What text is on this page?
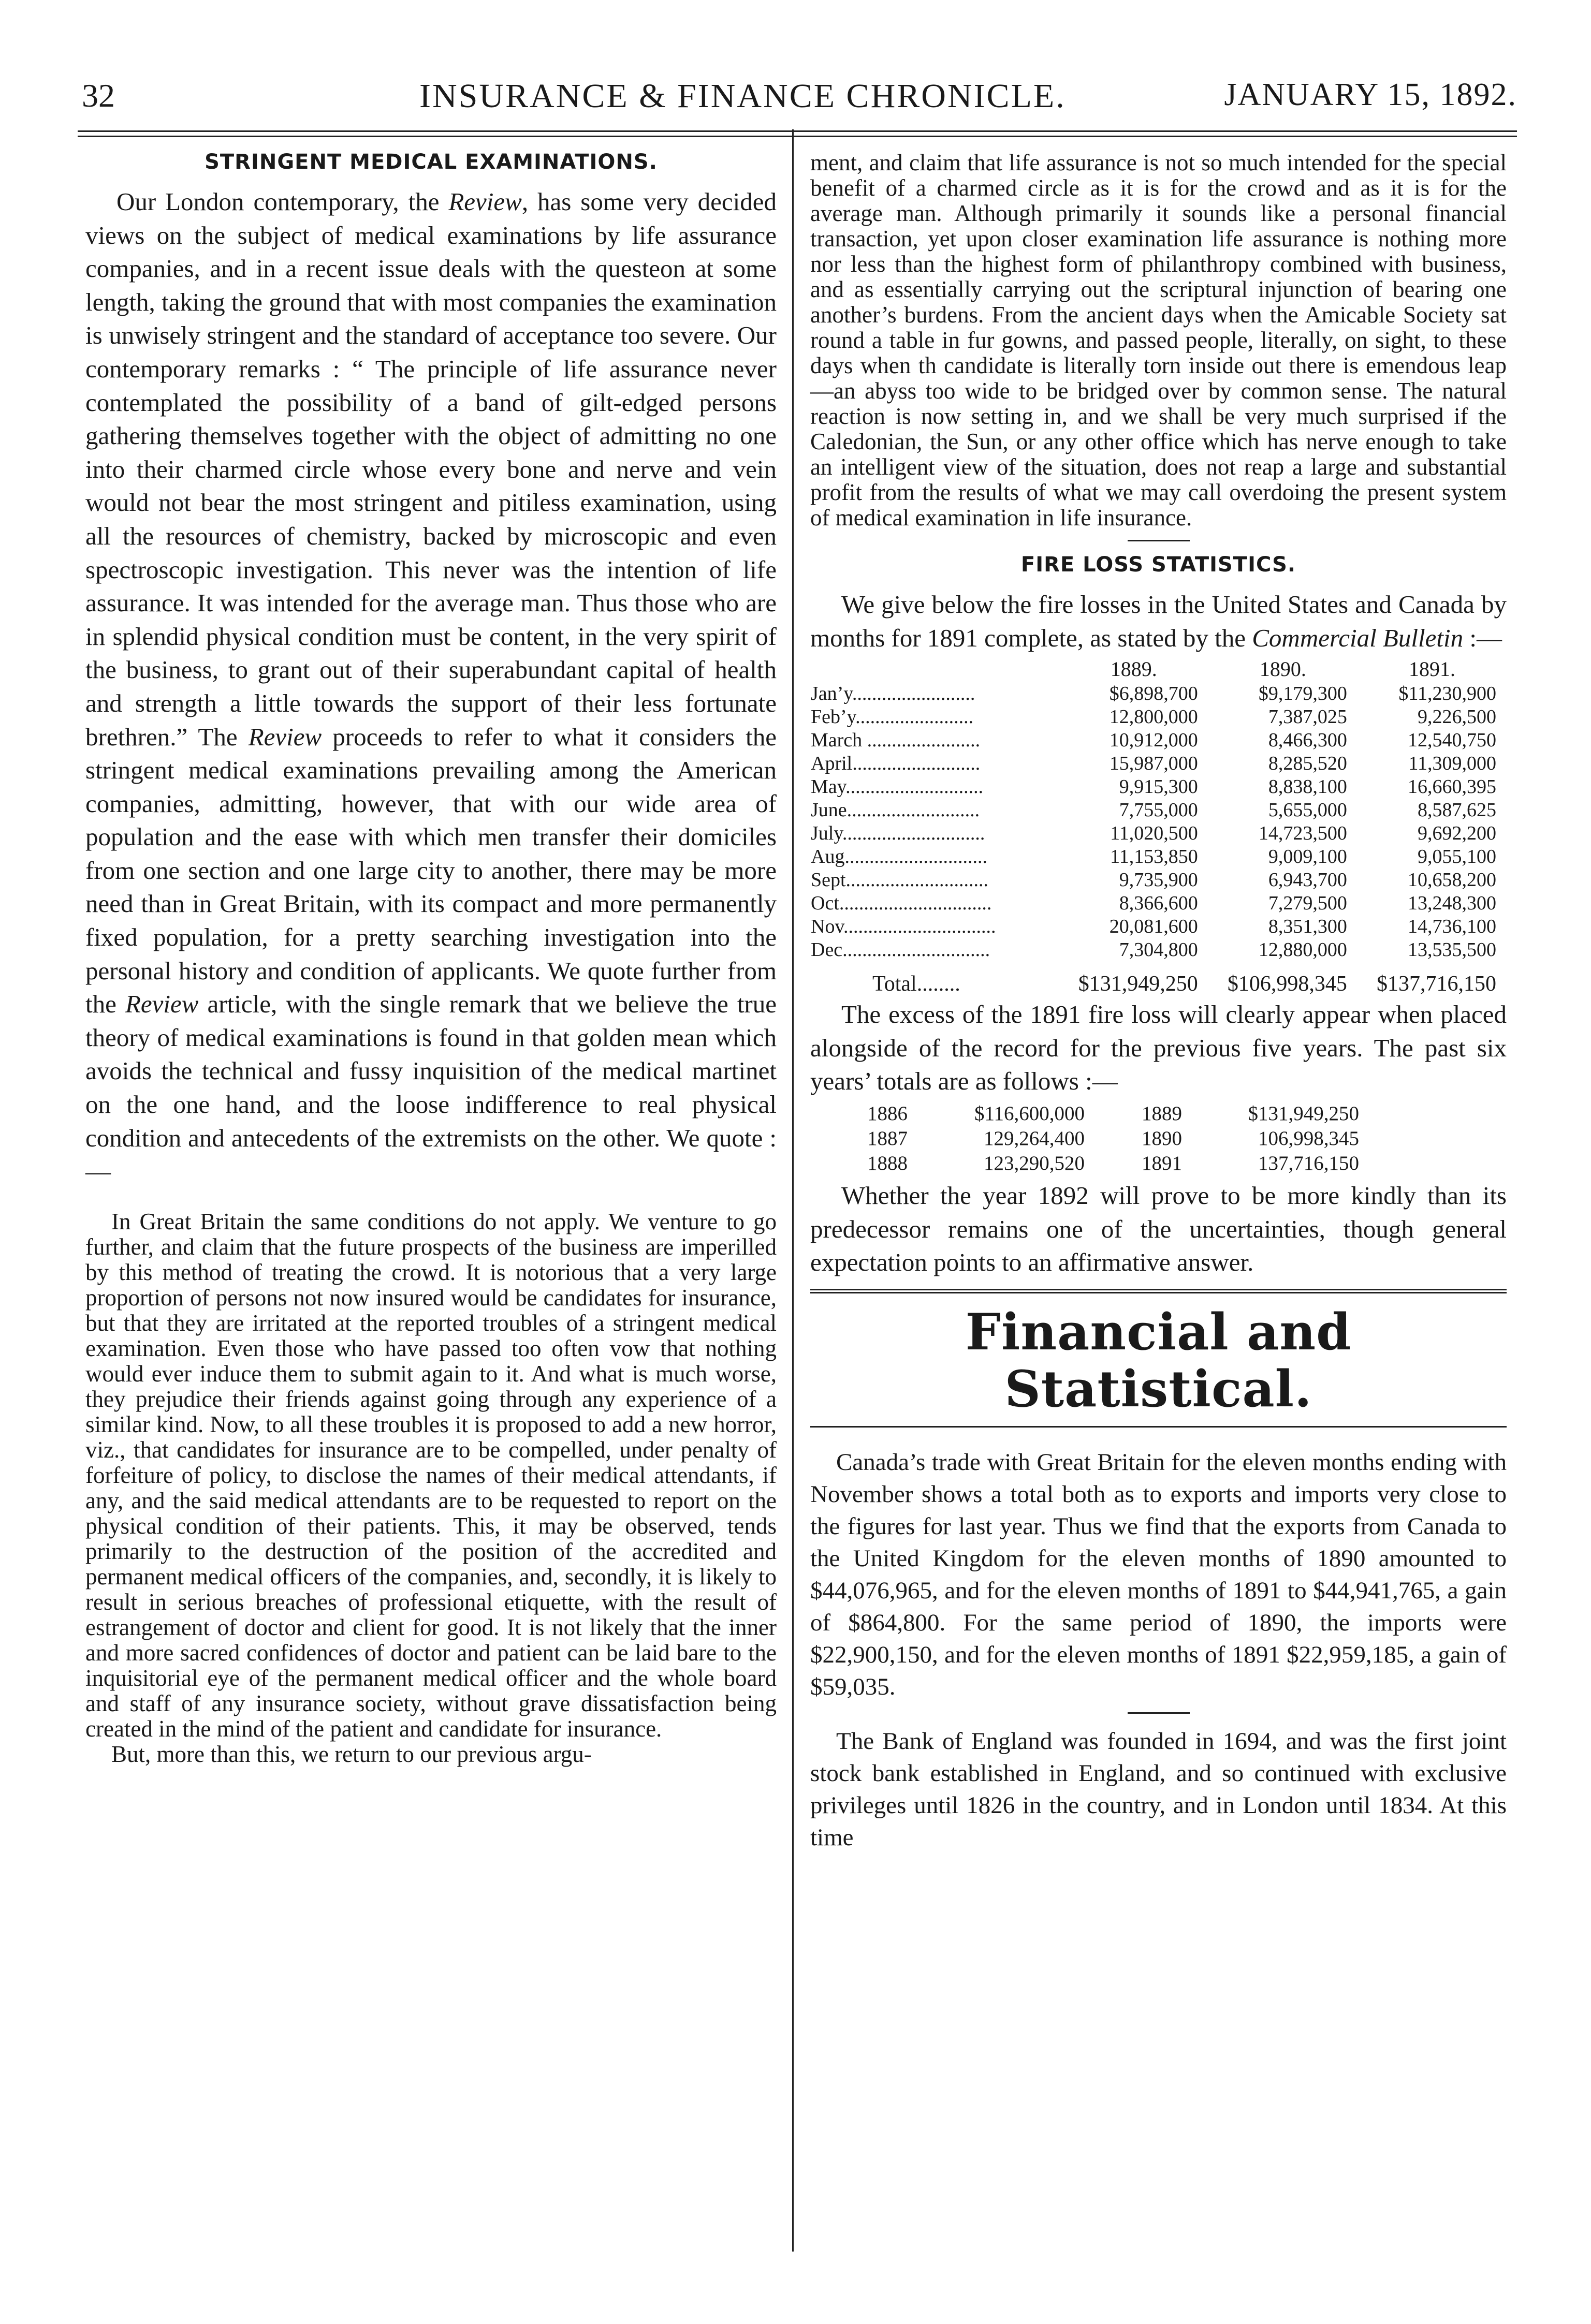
32	INSURANCE & FINANCE CHRONICLE.	JANUARY 15, 1892.
STRINGENT MEDICAL EXAMINATIONS.

Our London contemporary, the Review, has some very decided views on the subject of medical examinations by life assurance companies, and in a recent issue deals with the questeon at some length, taking the ground that with most companies the examination is unwisely stringent and the standard of acceptance too severe. Our contemporary remarks : “ The principle of life assurance never contemplated the possibility of a band of gilt-edged persons gathering themselves together with the object of admitting no one into their charmed circle whose every bone and nerve and vein would not bear the most stringent and pitiless examination, using all the resources of chemistry, backed by microscopic and even spectroscopic investigation. This never was the intention of life assurance. It was intended for the average man. Thus those who are in splendid physical condition must be content, in the very spirit of the business, to grant out of their superabundant capital of health and strength a little towards the support of their less fortunate brethren.” The Review proceeds to refer to what it considers the stringent medical examinations prevailing among the American companies, admitting, however, that with our wide area of population and the ease with which men transfer their domiciles from one section and one large city to another, there may be more need than in Great Britain, with its compact and more permanently fixed population, for a pretty searching investigation into the personal history and condition of applicants. We quote further from the Review article, with the single remark that we believe the true theory of medical examinations is found in that golden mean which avoids the technical and fussy inquisition of the medical martinet on the one hand, and the loose indifference to real physical condition and antecedents of the extremists on the other. We quote :—

In Great Britain the same conditions do not apply. We venture to go further, and claim that the future prospects of the business are imperilled by this method of treating the crowd. It is notorious that a very large proportion of persons not now insured would be candidates for insurance, but that they are irritated at the reported troubles of a stringent medical examination. Even those who have passed too often vow that nothing would ever induce them to submit again to it. And what is much worse, they prejudice their friends against going through any experience of a similar kind. Now, to all these troubles it is proposed to add a new horror, viz., that candidates for insurance are to be compelled, under penalty of forfeiture of policy, to disclose the names of their medical attendants, if any, and the said medical attendants are to be requested to report on the physical condition of their patients. This, it may be observed, tends primarily to the destruction of the position of the accredited and permanent medical officers of the companies, and, secondly, it is likely to result in serious breaches of professional etiquette, with the result of estrangement of doctor and client for good. It is not likely that the inner and more sacred confidences of doctor and patient can be laid bare to the inquisitorial eye of the permanent medical officer and the whole board and staff of any insurance society, without grave dissatisfaction being created in the mind of the patient and candidate for insurance.

But, more than this, we return to our previous argu-

ment, and claim that life assurance is not so much intended for the special benefit of a charmed circle as it is for the crowd and as it is for the average man. Although primarily it sounds like a personal financial transaction, yet upon closer examination life assurance is nothing more nor less than the highest form of philanthropy combined with business, and as essentially carrying out the scriptural injunction of bearing one another’s burdens. From the ancient days when the Amicable Society sat round a table in fur gowns, and passed people, literally, on sight, to these days when th candidate is literally torn inside out there is emendous leap—an abyss too wide to be bridged over by common sense. The natural reaction is now setting in, and we shall be very much surprised if the Caledonian, the Sun, or any other office which has nerve enough to take an intelligent view of the situation, does not reap a large and substantial profit from the results of what we may call overdoing the present system of medical examination in life insurance.

FIRE LOSS STATISTICS.

We give below the fire losses in the United States and Canada by months for 1891 complete, as stated by the Commercial Bulletin :—

	1889.	1890.	1891.
Jan’y.........................	$6,898,700	$9,179,300	$11,230,900
Feb’y........................	12,800,000	7,387,025	9,226,500
March .......................	10,912,000	8,466,300	12,540,750
April..........................	15,987,000	8,285,520	11,309,000
May............................	9,915,300	8,838,100	16,660,395
June...........................	7,755,000	5,655,000	8,587,625
July.............................	11,020,500	14,723,500	9,692,200
Aug.............................	11,153,850	9,009,100	9,055,100
Sept.............................	9,735,900	6,943,700	10,658,200
Oct...............................	8,366,600	7,279,500	13,248,300
Nov...............................	20,081,600	8,351,300	14,736,100
Dec..............................	7,304,800	12,880,000	13,535,500
Total........	$131,949,250	$106,998,345	$137,716,150

The excess of the 1891 fire loss will clearly appear when placed alongside of the record for the previous five years. The past six years’ totals are as follows :—

1886	$116,600,000	1889	$131,949,250
1887	129,264,400	1890	106,998,345
1888	123,290,520	1891	137,716,150

Whether the year 1892 will prove to be more kindly than its predecessor remains one of the uncertainties, though general expectation points to an affirmative answer.

Financial and Statistical.

Canada’s trade with Great Britain for the eleven months ending with November shows a total both as to exports and imports very close to the figures for last year. Thus we find that the exports from Canada to the United Kingdom for the eleven months of 1890 amounted to $44,076,965, and for the eleven months of 1891 to $44,941,765, a gain of $864,800. For the same period of 1890, the imports were $22,900,150, and for the eleven months of 1891 $22,959,185, a gain of $59,035.

The Bank of England was founded in 1694, and was the first joint stock bank established in England, and so continued with exclusive privileges until 1826 in the country, and in London until 1834. At this time
